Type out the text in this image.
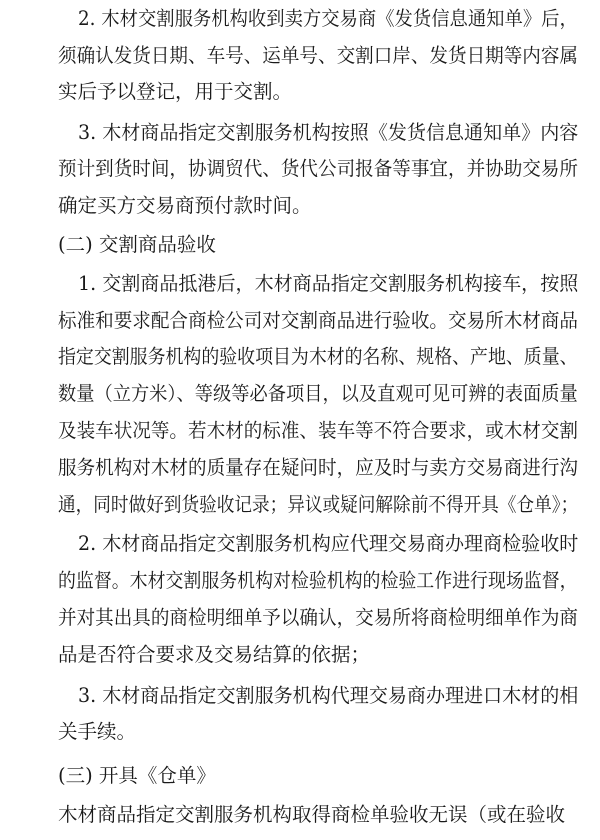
2. 木材交割服务机构收到卖方交易商《发货信息通知单》后，
须确认发货日期、车号、运单号、交割口岸、发货日期等内容属
实后予以登记，用于交割。
3. 木材商品指定交割服务机构按照《发货信息通知单》内容
预计到货时间，协调贸代、货代公司报备等事宜，并协助交易所
确定买方交易商预付款时间。
(二) 交割商品验收
1. 交割商品抵港后，木材商品指定交割服务机构接车，按照
标准和要求配合商检公司对交割商品进行验收。交易所木材商品
指定交割服务机构的验收项目为木材的名称、规格、产地、质量、
数量（立方米）、等级等必备项目，以及直观可见可辨的表面质量
及装车状况等。若木材的标准、装车等不符合要求，或木材交割
服务机构对木材的质量存在疑问时，应及时与卖方交易商进行沟
通，同时做好到货验收记录；异议或疑问解除前不得开具《仓单》；
2. 木材商品指定交割服务机构应代理交易商办理商检验收时
的监督。木材交割服务机构对检验机构的检验工作进行现场监督，
并对其出具的商检明细单予以确认，交易所将商检明细单作为商
品是否符合要求及交易结算的依据；
3. 木材商品指定交割服务机构代理交易商办理进口木材的相
关手续。
(三) 开具《仓单》
木材商品指定交割服务机构取得商检单验收无误（或在验收
